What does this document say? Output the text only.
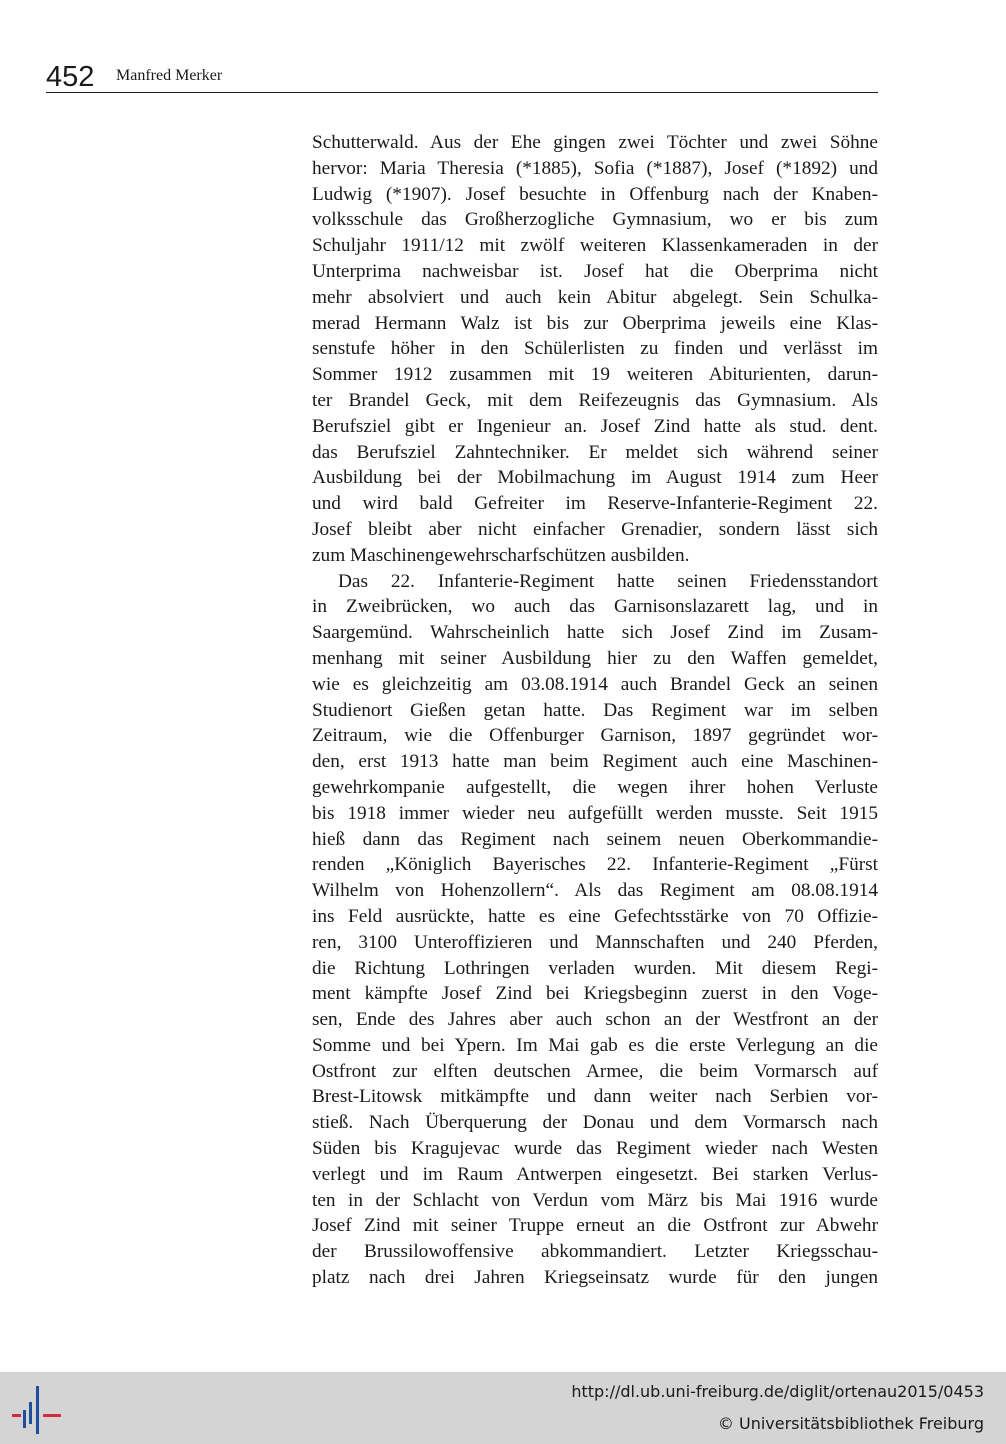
452 Manfred Merker
Schutterwald. Aus der Ehe gingen zwei Töchter und zwei Söhne
hervor: Maria Theresia (*1885), Sofia (*1887), Josef (*1892) und
Ludwig (*1907). Josef besuchte in Offenburg nach der Knaben-
volksschule das Großherzogliche Gymnasium, wo er bis zum
Schuljahr 1911/12 mit zwölf weiteren Klassenkameraden in der
Unterprima nachweisbar ist. Josef hat die Oberprima nicht
mehr absolviert und auch kein Abitur abgelegt. Sein Schulka-
merad Hermann Walz ist bis zur Oberprima jeweils eine Klas-
senstufe höher in den Schülerlisten zu finden und verlässt im
Sommer 1912 zusammen mit 19 weiteren Abiturienten, darun-
ter Brandel Geck, mit dem Reifezeugnis das Gymnasium. Als
Berufsziel gibt er Ingenieur an. Josef Zind hatte als stud. dent.
das Berufsziel Zahntechniker. Er meldet sich während seiner
Ausbildung bei der Mobilmachung im August 1914 zum Heer
und wird bald Gefreiter im Reserve-Infanterie-Regiment 22.
Josef bleibt aber nicht einfacher Grenadier, sondern lässt sich
zum Maschinengewehrscharfschützen ausbilden.
Das 22. Infanterie-Regiment hatte seinen Friedensstandort
in Zweibrücken, wo auch das Garnisonslazarett lag, und in
Saargemünd. Wahrscheinlich hatte sich Josef Zind im Zusam-
menhang mit seiner Ausbildung hier zu den Waffen gemeldet,
wie es gleichzeitig am 03.08.1914 auch Brandel Geck an seinen
Studienort Gießen getan hatte. Das Regiment war im selben
Zeitraum, wie die Offenburger Garnison, 1897 gegründet wor-
den, erst 1913 hatte man beim Regiment auch eine Maschinen-
gewehrkompanie aufgestellt, die wegen ihrer hohen Verluste
bis 1918 immer wieder neu aufgefüllt werden musste. Seit 1915
hieß dann das Regiment nach seinem neuen Oberkommandie-
renden „Königlich Bayerisches 22. Infanterie-Regiment „Fürst
Wilhelm von Hohenzollern“. Als das Regiment am 08.08.1914
ins Feld ausrückte, hatte es eine Gefechtsstärke von 70 Offizie-
ren, 3100 Unteroffizieren und Mannschaften und 240 Pferden,
die Richtung Lothringen verladen wurden. Mit diesem Regi-
ment kämpfte Josef Zind bei Kriegsbeginn zuerst in den Voge-
sen, Ende des Jahres aber auch schon an der Westfront an der
Somme und bei Ypern. Im Mai gab es die erste Verlegung an die
Ostfront zur elften deutschen Armee, die beim Vormarsch auf
Brest-Litowsk mitkämpfte und dann weiter nach Serbien vor-
stieß. Nach Überquerung der Donau und dem Vormarsch nach
Süden bis Kragujevac wurde das Regiment wieder nach Westen
verlegt und im Raum Antwerpen eingesetzt. Bei starken Verlus-
ten in der Schlacht von Verdun vom März bis Mai 1916 wurde
Josef Zind mit seiner Truppe erneut an die Ostfront zur Abwehr
der Brussilowoffensive abkommandiert. Letzter Kriegsschau-
platz nach drei Jahren Kriegseinsatz wurde für den jungen
http://dl.ub.uni-freiburg.de/diglit/ortenau2015/0453
© Universitätsbibliothek Freiburg
